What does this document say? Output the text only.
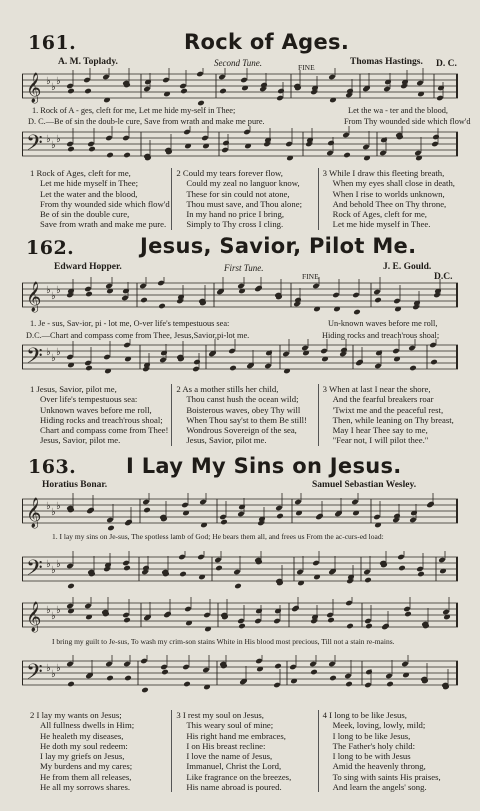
161.	Rock of Ages.
A. M. Toplady.	Second Tune.	FINE
Thomas Hastings. D. C.
𝄞 ♭
♭
♭
𝄢 ♭
♭
♭
1. Rock of A - ges, cleft for me, Let me hide my-self in Thee;
D. C.—Be of sin the doub-le cure, Save from wrath and make me pure.
Let the wa - ter and the blood,
From Thy wounded side which flow'd
1 Rock of Ages, cleft for me,
Let me hide myself in Thee;
Let the water and the blood,
From thy wounded side which flow'd
Be of sin the double cure,
Save from wrath and make me pure.
2 Could my tears forever flow,
Could my zeal no languor know,
These for sin could not atone,
Thou must save, and Thou alone;
In my hand no price I bring,
Simply to Thy cross I cling.
3 While I draw this fleeting breath,
When my eyes shall close in death,
When I rise to worlds unknown,
And behold Thee on Thy throne,
Rock of Ages, cleft for me,
Let me hide myself in Thee.
162.	Jesus, Savior, Pilot Me.
Edward Hopper.	First Tune.
FINE
J. E. Gould.
D.C.
𝄞 ♭
♭
♭
𝄢 ♭
♭
♭
1. Je - sus, Sav-ior, pi - lot me, O-ver life's tempestuous sea:
D.C.—Chart and compass come from Thee, Jesus,Savior,pi-lot me.
Un-known waves before me roll,
Hiding rocks and treach'rous shoal;
1 Jesus, Savior, pilot me,
Over life's tempestuous sea:
Unknown waves before me roll,
Hiding rocks and treach'rous shoal;
Chart and compass come from Thee!
Jesus, Savior, pilot me.
2 As a mother stills her child,
Thou canst hush the ocean wild;
Boisterous waves, obey Thy will
When Thou say'st to them Be still!
Wondrous Sovereign of the sea,
Jesus, Savior, pilot me.
3 When at last I near the shore,
And the fearful breakers roar
'Twixt me and the peaceful rest,
Then, while leaning on Thy breast,
May I hear Thee say to me,
"Fear not, I will pilot thee."
163. I Lay My Sins on Jesus.
Horatius Bonar.	Samuel Sebastian Wesley.
𝄞 ♭
♭
♭
𝄢 ♭
♭
♭
1. I lay my sins on Je-sus, The spotless lamb of God; He bears them all, and frees us From the ac-curs-ed load:
𝄞 ♭
♭
♭
𝄢 ♭
♭
♭
I bring my guilt to Je-sus, To wash my crim-son stains White in His blood most precious, Till not a stain re-mains.
2 I lay my wants on Jesus;
All fullness dwells in Him;
He healeth my diseases,
He doth my soul redeem:
I lay my griefs on Jesus,
My burdens and my cares;
He from them all releases,
He all my sorrows shares.
3 I rest my soul on Jesus,
This weary soul of mine;
His right hand me embraces,
I on His breast recline:
I love the name of Jesus,
Immanuel, Christ the Lord,
Like fragrance on the breezes,
His name abroad is poured.
4 I long to be like Jesus,
Meek, loving, lowly, mild;
I long to be like Jesus,
The Father's holy child:
I long to be with Jesus
Amid the heavenly throng,
To sing with saints His praises,
And learn the angels' song.
